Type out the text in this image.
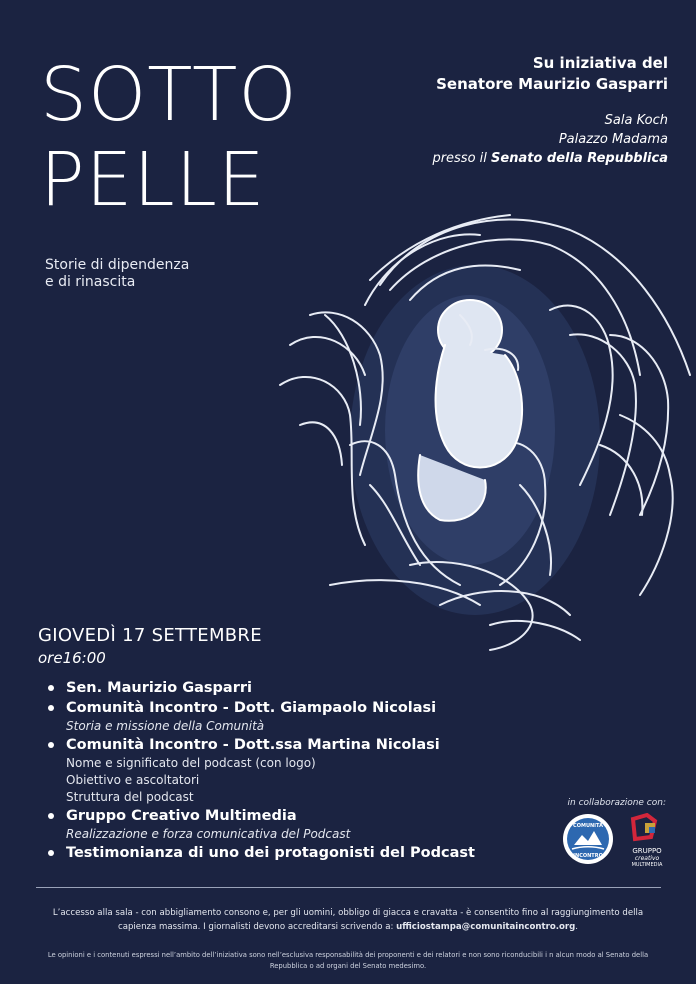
SOTTO
PELLE
Storie di dipendenza
e di rinascita
Su iniziativa del
Senatore Maurizio Gasparri
Sala Koch
Palazzo Madama
presso il Senato della Repubblica
GIOVEDÌ 17 SETTEMBRE
ore16:00
Sen. Maurizio Gasparri
Comunità Incontro - Dott. Giampaolo Nicolasi
Storia e missione della Comunità
Comunità Incontro - Dott.ssa Martina Nicolasi
Nome e significato del podcast (con logo)
Obiettivo e ascoltatori
Struttura del podcast
Gruppo Creativo Multimedia
Realizzazione e forza comunicativa del Podcast
Testimonianza di uno dei protagonisti del Podcast
in collaborazione con:
COMUNITÀ
INCONTRO
GRUPPO
creativo
MULTIMEDIA
L’accesso alla sala - con abbigliamento consono e, per gli uomini, obbligo di giacca e cravatta - è consentito fino al raggiungimento della capienza massima. I giornalisti devono accreditarsi scrivendo a: ufficiostampa@comunitaincontro.org.
Le opinioni e i contenuti espressi nell’ambito dell’iniziativa sono nell’esclusiva responsabilità dei proponenti e dei relatori e non sono riconducibili i n alcun modo al Senato della Repubblica o ad organi del Senato medesimo.
